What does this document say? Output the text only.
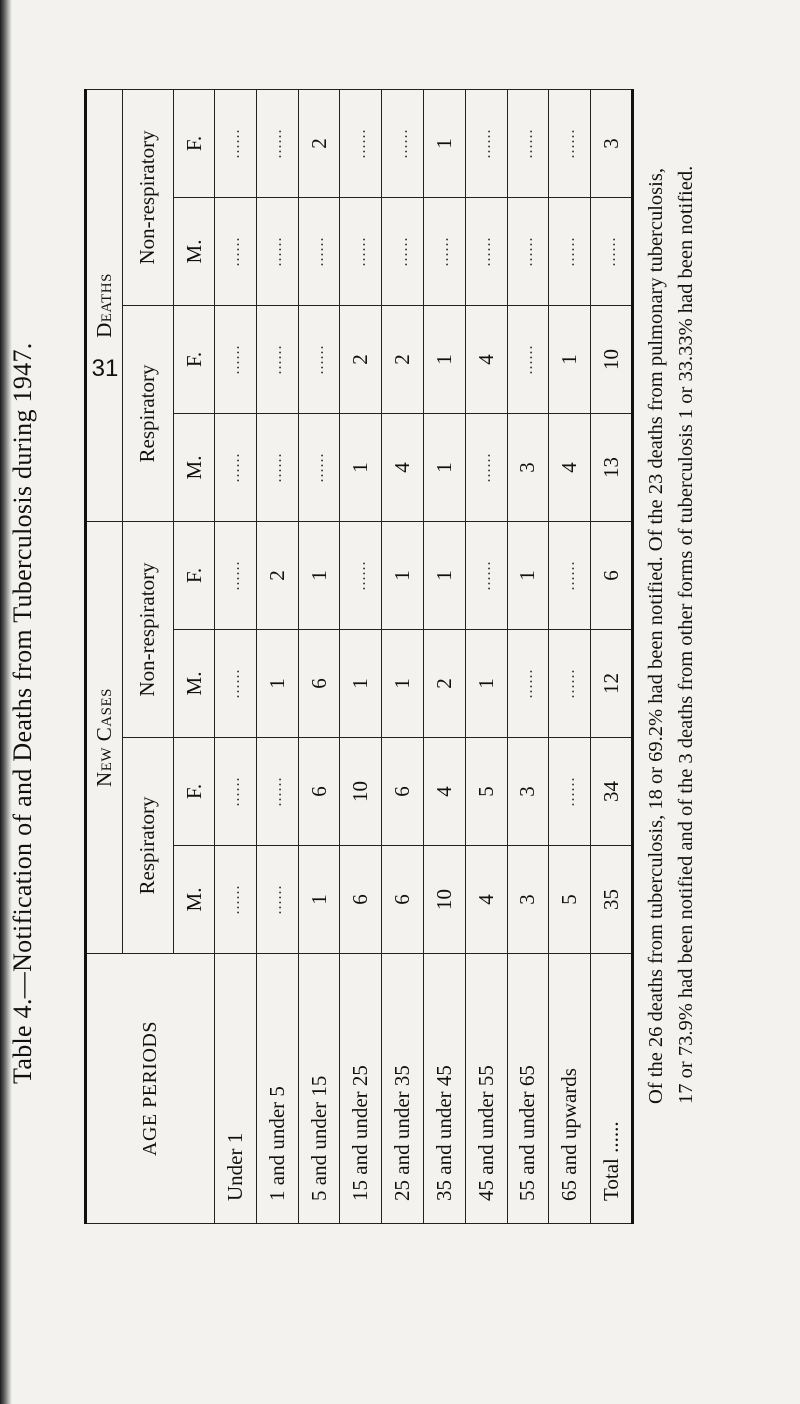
Table 4.—Notification of and Deaths from Tuberculosis during 1947.
AGE PERIODS	New Cases				Deaths			
	Respiratory		Non-respiratory		Respiratory		Non-respiratory	
	M.	F.	M.	F.	M.	F.	M.	F.
Under 1	......	......	......	......	......	......	......	......
1 and under 5	......	......	1	2	......	......	......	......
5 and under 15	1	6	6	1	......	......	......	2
15 and under 25	6	10	1	......	1	2	......	......
25 and under 35	6	6	1	1	4	2	......	......
35 and under 45	10	4	2	1	1	1	......	1
45 and under 55	4	5	1	......	......	4	......	......
55 and under 65	3	3	......	1	3	......	......	......
65 and upwards	5	......	......	......	4	1	......	......
Total ......	35	34	12	6	13	10	......	3
Of the 26 deaths from tuberculosis, 18 or 69.2% had been notified. Of the 23 deaths from pulmonary tuberculosis, 17 or 73.9% had been notified and of the 3 deaths from other forms of tuberculosis 1 or 33.33% had been notified.
31
